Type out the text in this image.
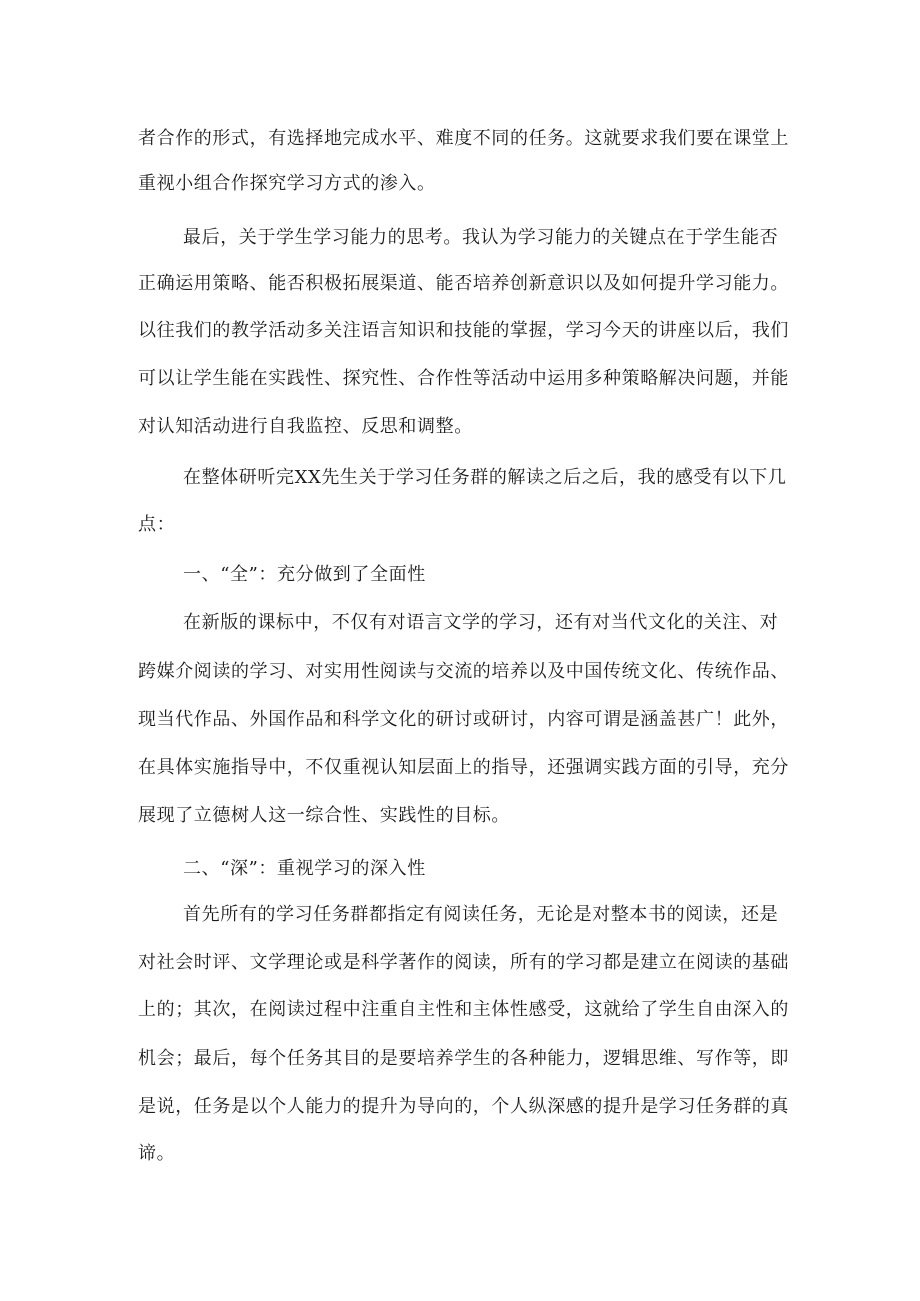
者合作的形式，有选择地完成水平、难度不同的任务。这就要求我们要在课堂上
重视小组合作探究学习方式的渗入。
最后，关于学生学习能力的思考。我认为学习能力的关键点在于学生能否
正确运用策略、能否积极拓展渠道、能否培养创新意识以及如何提升学习能力。
以往我们的教学活动多关注语言知识和技能的掌握，学习今天的讲座以后，我们
可以让学生能在实践性、探究性、合作性等活动中运用多种策略解决问题，并能
对认知活动进行自我监控、反思和调整。
在整体研听完XX先生关于学习任务群的解读之后之后，我的感受有以下几
点：
一、“全”：充分做到了全面性
在新版的课标中，不仅有对语言文学的学习，还有对当代文化的关注、对
跨媒介阅读的学习、对实用性阅读与交流的培养以及中国传统文化、传统作品、
现当代作品、外国作品和科学文化的研讨或研讨，内容可谓是涵盖甚广！此外，
在具体实施指导中，不仅重视认知层面上的指导，还强调实践方面的引导，充分
展现了立德树人这一综合性、实践性的目标。
二、“深”：重视学习的深入性
首先所有的学习任务群都指定有阅读任务，无论是对整本书的阅读，还是
对社会时评、文学理论或是科学著作的阅读，所有的学习都是建立在阅读的基础
上的；其次，在阅读过程中注重自主性和主体性感受，这就给了学生自由深入的
机会；最后，每个任务其目的是要培养学生的各种能力，逻辑思维、写作等，即
是说，任务是以个人能力的提升为导向的，个人纵深感的提升是学习任务群的真
谛。
